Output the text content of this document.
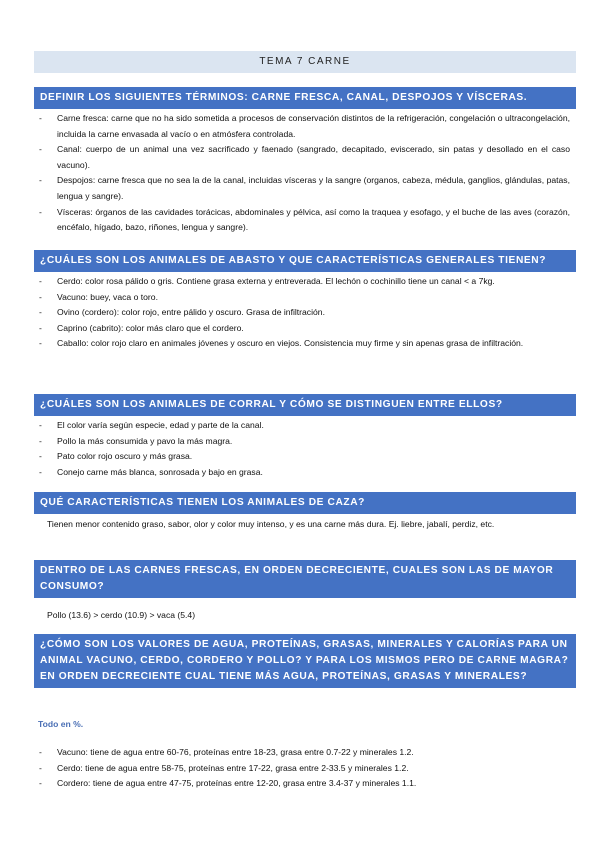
TEMA 7 CARNE
DEFINIR LOS SIGUIENTES TÉRMINOS: CARNE FRESCA, CANAL, DESPOJOS Y VÍSCERAS.
- Carne fresca: carne que no ha sido sometida a procesos de conservación distintos de la refrigeración, congelación o ultracongelación, incluida la carne envasada al vacío o en atmósfera controlada.
- Canal: cuerpo de un animal una vez sacrificado y faenado (sangrado, decapitado, eviscerado, sin patas y desollado en el caso vacuno).
- Despojos: carne fresca que no sea la de la canal, incluidas vísceras y la sangre (organos, cabeza, médula, ganglios, glándulas, patas, lengua y sangre).
- Vísceras: órganos de las cavidades torácicas, abdominales y pélvica, así como la traquea y esofago, y el buche de las aves (corazón, encéfalo, hígado, bazo, riñones, lengua y sangre).
¿CUÁLES SON LOS ANIMALES DE ABASTO Y QUE CARACTERÍSTICAS GENERALES TIENEN?
- Cerdo: color rosa pálido o gris. Contiene grasa externa y entreverada. El lechón o cochinillo tiene un canal < a 7kg.
- Vacuno: buey, vaca o toro.
- Ovino (cordero): color rojo, entre pálido y oscuro. Grasa de infiltración.
- Caprino (cabrito): color más claro que el cordero.
- Caballo: color rojo claro en animales jóvenes y oscuro en viejos. Consistencia muy firme y sin apenas grasa de infiltración.
¿CUÁLES SON LOS ANIMALES DE CORRAL Y CÓMO SE DISTINGUEN ENTRE ELLOS?
- El color varía según especie, edad y parte de la canal.
- Pollo la más consumida y pavo la más magra.
- Pato color rojo oscuro y más grasa.
- Conejo carne más blanca, sonrosada y bajo en grasa.
QUÉ CARACTERÍSTICAS TIENEN LOS ANIMALES DE CAZA?
Tienen menor contenido graso, sabor, olor y color muy intenso, y es una carne más dura. Ej. liebre, jabalí, perdiz, etc.
DENTRO DE LAS CARNES FRESCAS, EN ORDEN DECRECIENTE, CUALES SON LAS DE MAYOR CONSUMO?
Pollo (13.6) > cerdo (10.9) > vaca (5.4)
¿CÓMO SON LOS VALORES DE AGUA, PROTEÍNAS, GRASAS, MINERALES Y CALORÍAS PARA UN ANIMAL VACUNO, CERDO, CORDERO Y POLLO? Y PARA LOS MISMOS PERO DE CARNE MAGRA? EN ORDEN DECRECIENTE CUAL TIENE MÁS AGUA, PROTEÍNAS, GRASAS Y MINERALES?
Todo en %.
- Vacuno: tiene de agua entre 60-76, proteínas entre 18-23, grasa entre 0.7-22 y minerales 1.2.
- Cerdo: tiene de agua entre 58-75, proteínas entre 17-22, grasa entre 2-33.5 y minerales 1.2.
- Cordero: tiene de agua entre 47-75, proteínas entre 12-20, grasa entre 3.4-37 y minerales 1.1.
